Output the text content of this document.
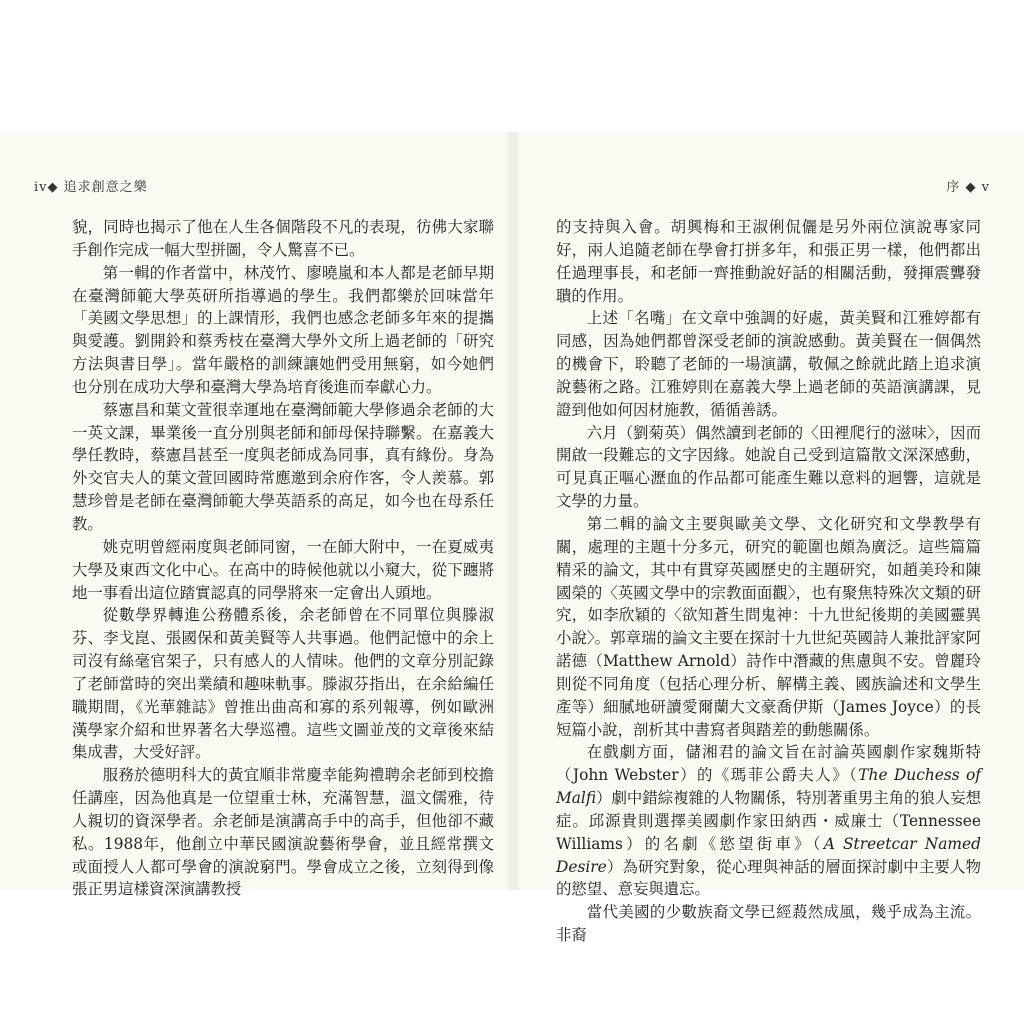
iv◆ 追求創意之樂

貌，同時也揭示了他在人生各個階段不凡的表現，彷佛大家聯手創作完成一幅大型拼圖，令人驚喜不已。

第一輯的作者當中，林茂竹、廖曉嵐和本人都是老師早期在臺灣師範大學英研所指導過的學生。我們都樂於回味當年「美國文學思想」的上課情形，我們也感念老師多年來的提攜與愛護。劉開鈴和蔡秀枝在臺灣大學外文所上過老師的「研究方法與書目學」。當年嚴格的訓練讓她們受用無窮，如今她們也分別在成功大學和臺灣大學為培育後進而奉獻心力。

蔡憲昌和葉文萱很幸運地在臺灣師範大學修過余老師的大一英文課，畢業後一直分別與老師和師母保持聯繫。在嘉義大學任教時，蔡憲昌甚至一度與老師成為同事，真有緣份。身為外交官夫人的葉文萱回國時常應邀到余府作客，令人羨慕。郭慧珍曾是老師在臺灣師範大學英語系的高足，如今也在母系任教。

姚克明曾經兩度與老師同窗，一在師大附中，一在夏威夷大學及東西文化中心。在高中的時候他就以小窺大，從下躔將地一事看出這位踏實認真的同學將來一定會出人頭地。

從數學界轉進公務體系後，余老師曾在不同單位與滕淑芬、李戈崑、張國保和黃美賢等人共事過。他們記憶中的余上司沒有絲毫官架子，只有感人的人情味。他們的文章分別記錄了老師當時的突出業績和趣味軌事。滕淑芬指出，在余給編任職期間，《光華雜誌》曾推出曲高和寡的系列報導，例如歐洲漢學家介紹和世界著名大學巡禮。這些文圖並茂的文章後來結集成書，大受好評。

服務於德明科大的黃宜順非常慶幸能夠禮聘余老師到校擔任講座，因為他真是一位望重士林，充滿智慧，溫文儒雅，待人親切的資深學者。余老師是演講高手中的高手，但他卻不藏私。1988年，他創立中華民國演說藝術學會，並且經常撰文或面授人人都可學會的演說窮門。學會成立之後，立刻得到像張正男這樣資深演講教授

序 ◆ v

的支持與入會。胡興梅和王淑俐侃儷是另外兩位演說專家同好，兩人追隨老師在學會打拼多年，和張正男一樣，他們都出任過理事長，和老師一齊推動說好話的相關活動，發揮震聾發聵的作用。

上述「名嘴」在文章中強調的好處，黃美賢和江雅婷都有同感，因為她們都曾深受老師的演說感動。黃美賢在一個偶然的機會下，聆聽了老師的一場演講，敬佩之餘就此踏上追求演說藝術之路。江雅婷則在嘉義大學上過老師的英語演講課，見證到他如何因材施教，循循善誘。

六月（劉菊英）偶然讀到老師的〈田裡爬行的滋味〉，因而開啟一段難忘的文字因緣。她說自己受到這篇散文深深感動，可見真正嘔心瀝血的作品都可能產生難以意料的迴響，這就是文學的力量。

第二輯的論文主要與歐美文學、文化研究和文學教學有關，處理的主題十分多元，研究的範圍也頗為廣泛。這些篇篇精采的論文，其中有貫穿英國歷史的主題研究，如趙美玲和陳國榮的〈英國文學中的宗教面面觀〉，也有聚焦特殊次文類的研究，如李欣穎的〈欲知蒼生問鬼神：十九世紀後期的美國靈異小說〉。郭章瑞的論文主要在探討十九世紀英國詩人兼批評家阿諾德（Matthew Arnold）詩作中潛藏的焦慮與不安。曾麗玲則從不同角度（包括心理分析、解構主義、國族論述和文學生產等）細膩地研讀愛爾蘭大文豪喬伊斯（James Joyce）的長短篇小說，剖析其中書寫者與踏差的動態關係。

在戲劇方面，儲湘君的論文旨在討論英國劇作家魏斯特（John Webster）的《瑪菲公爵夫人》（The Duchess of Malfi）劇中錯綜複雜的人物關係，特別著重男主角的狼人妄想症。邱源貴則選擇美國劇作家田納西・威廉士（Tennessee Williams）的名劇《慾望街車》（A Streetcar Named Desire）為研究對象，從心理與神話的層面探討劇中主要人物的慾望、意妄與遺忘。

當代美國的少數族裔文學已經蔱然成風，幾乎成為主流。非裔
